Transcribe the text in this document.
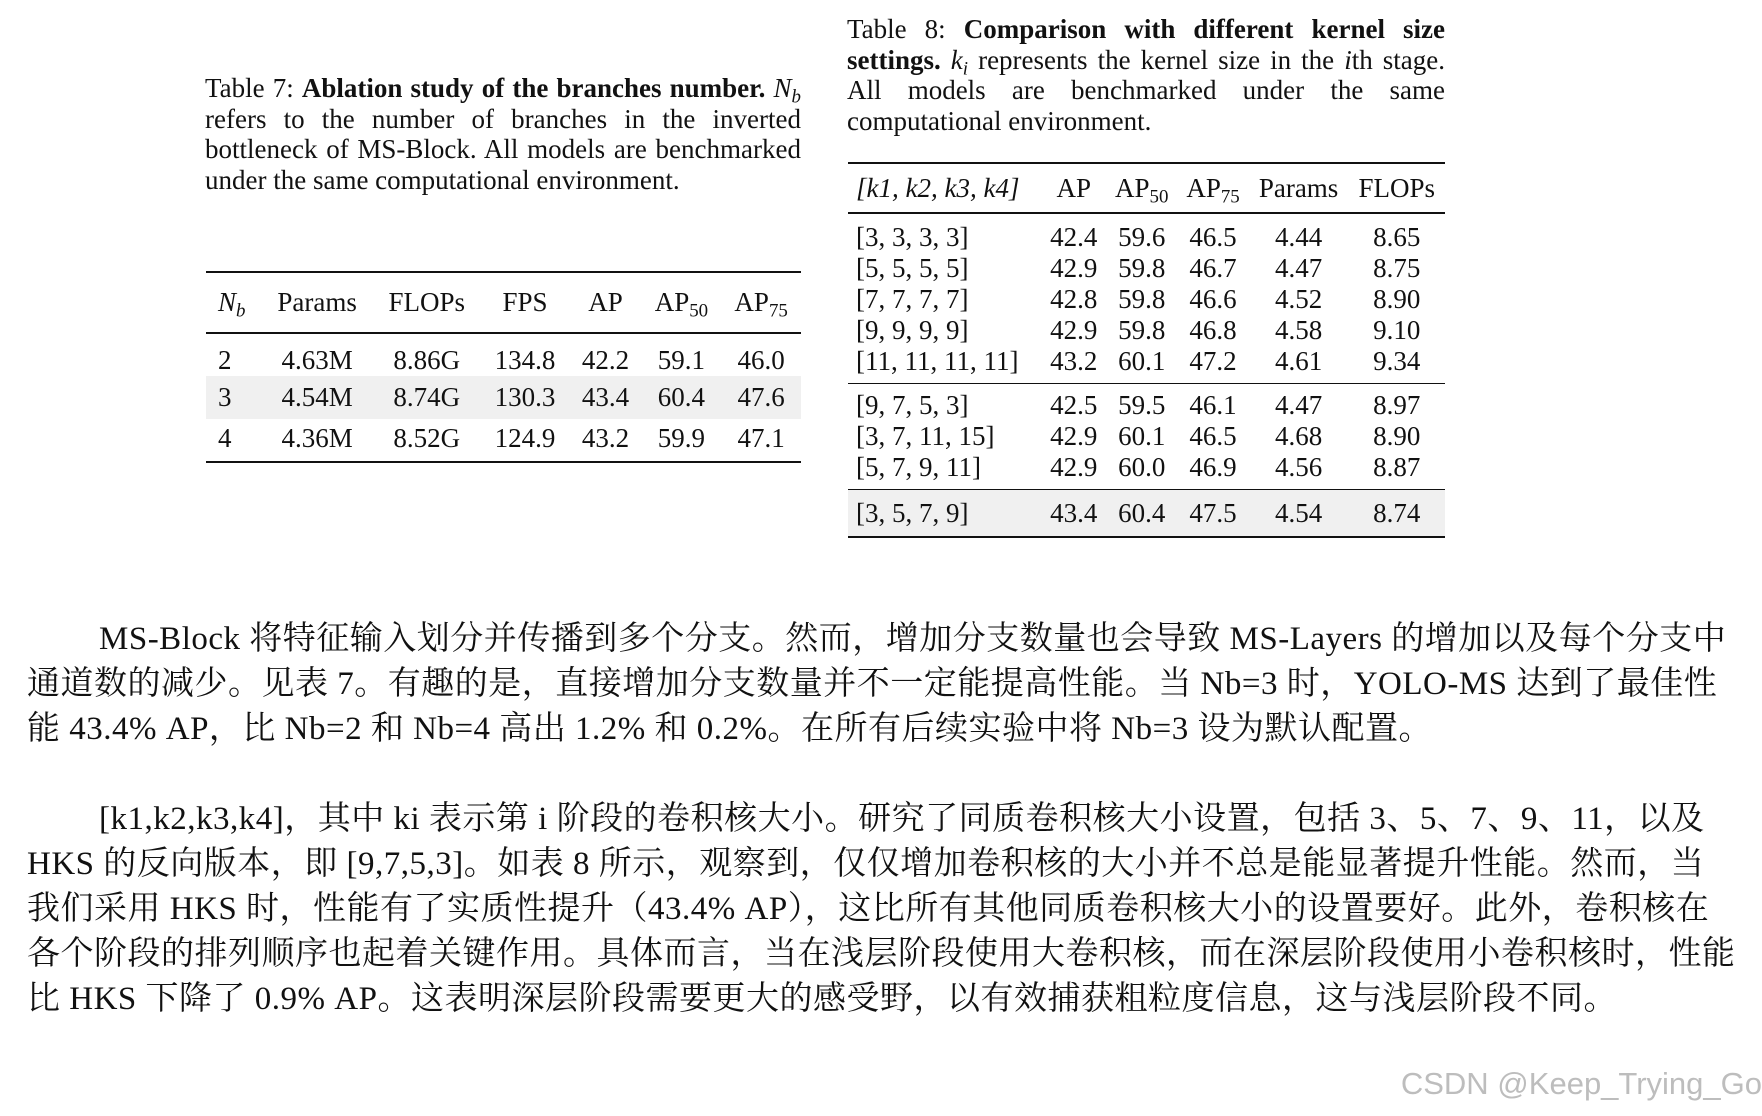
Table 7: Ablation study of the branches number. $N_b$ refers to the number of branches in the inverted bottleneck of MS-Block. All models are benchmarked under the same computational environment.
$N_b$	Params	FLOPs	FPS	AP	$AP_{50}$	$AP_{75}$
2	4.63M	8.86G	134.8	42.2	59.1	46.0
3	4.54M	8.74G	130.3	43.4	60.4	47.6
4	4.36M	8.52G	124.9	43.2	59.9	47.1
Table 8: Comparison with different kernel size settings. $k_i$ represents the kernel size in the ith stage. All models are benchmarked under the same computational environment.
[k1, k2, k3, k4]	AP	$AP_{50}$	$AP_{75}$	Params	FLOPs
[3, 3, 3, 3]	42.4	59.6	46.5	4.44	8.65
[5, 5, 5, 5]	42.9	59.8	46.7	4.47	8.75
[7, 7, 7, 7]	42.8	59.8	46.6	4.52	8.90
[9, 9, 9, 9]	42.9	59.8	46.8	4.58	9.10
[11, 11, 11, 11]	43.2	60.1	47.2	4.61	9.34
[9, 7, 5, 3]	42.5	59.5	46.1	4.47	8.97
[3, 7, 11, 15]	42.9	60.1	46.5	4.68	8.90
[5, 7, 9, 11]	42.9	60.0	46.9	4.56	8.87
[3, 5, 7, 9]	43.4	60.4	47.5	4.54	8.74

MS-Block 将特征输入划分并传播到多个分支。然而，增加分支数量也会导致 MS-Layers 的增加以及每个分支中通道数的减少。见表 7。有趣的是，直接增加分支数量并不一定能提高性能。当 Nb=3 时，YOLO-MS 达到了最佳性能 43.4% AP，比 Nb=2 和 Nb=4 高出 1.2% 和 0.2%。在所有后续实验中将 Nb=3 设为默认配置。

[k1,k2,k3,k4]，其中 ki 表示第 i 阶段的卷积核大小。研究了同质卷积核大小设置，包括 3、5、7、9、11，以及 HKS 的反向版本，即 [9,7,5,3]。如表 8 所示，观察到，仅仅增加卷积核的大小并不总是能显著提升性能。然而，当我们采用 HKS 时，性能有了实质性提升（43.4% AP），这比所有其他同质卷积核大小的设置要好。此外，卷积核在各个阶段的排列顺序也起着关键作用。具体而言，当在浅层阶段使用大卷积核，而在深层阶段使用小卷积核时，性能比 HKS 下降了 0.9% AP。这表明深层阶段需要更大的感受野，以有效捕获粗粒度信息，这与浅层阶段不同。

CSDN @Keep_Trying_Go
